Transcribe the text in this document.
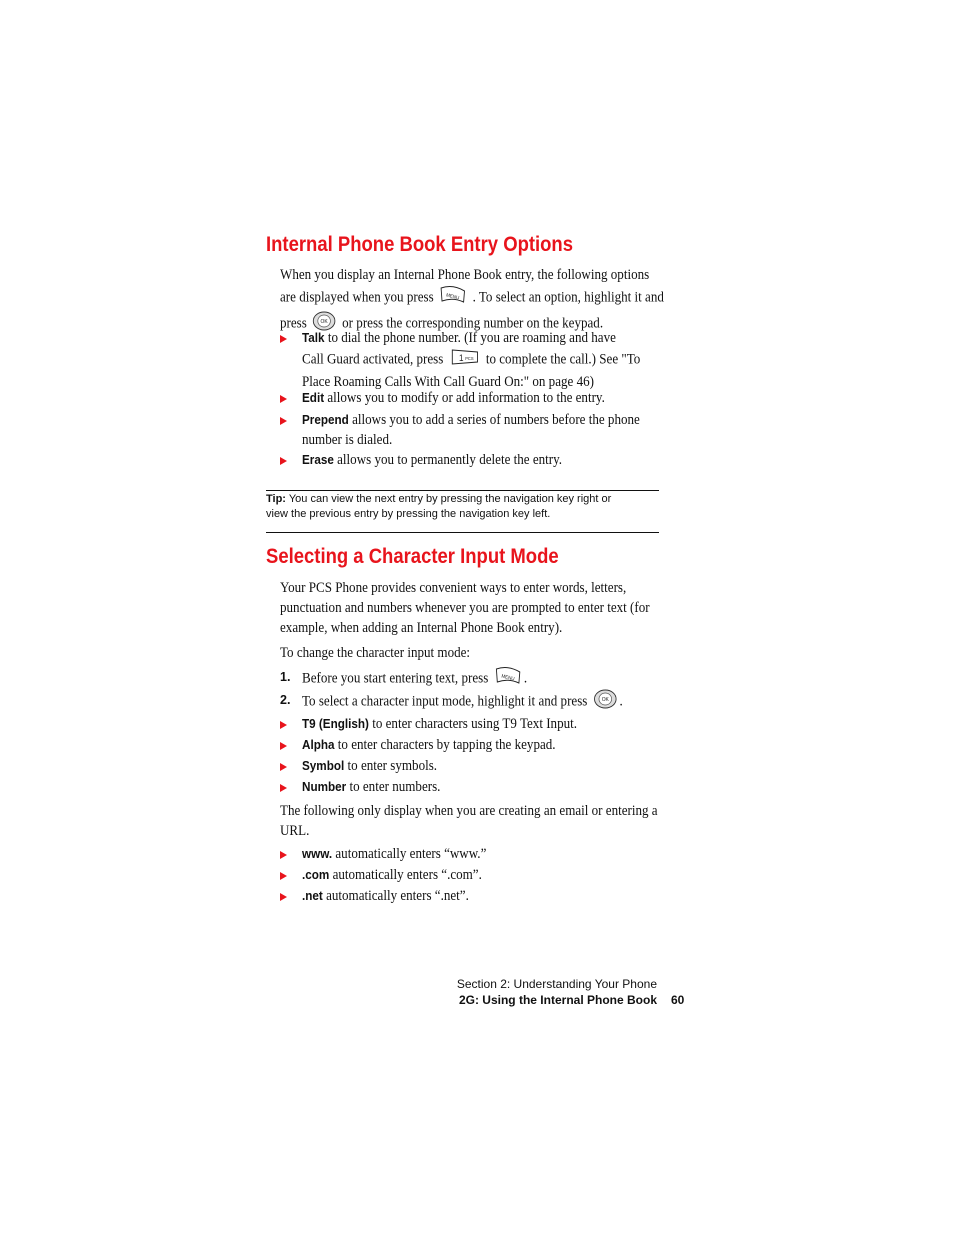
Internal Phone Book Entry Options
When you display an Internal Phone Book entry, the following options
are displayed when you press MENU . To select an option, highlight it and
press	OK or press the corresponding number on the keypad.
Talk to dial the phone number. (If you are roaming and have
Call Guard activated, press 1 PCS to complete the call.) See "To
Place Roaming Calls With Call Guard On:" on page 46)
Edit allows you to modify or add information to the entry.
Prepend allows you to add a series of numbers before the phone
number is dialed.
Erase allows you to permanently delete the entry.
Tip: You can view the next entry by pressing the navigation key right or
view the previous entry by pressing the navigation key left.
Selecting a Character Input Mode
Your PCS Phone provides convenient ways to enter words, letters,
punctuation and numbers whenever you are prompted to enter text (for
example, when adding an Internal Phone Book entry).
To change the character input mode:
1. Before you start entering text, press MENU .
2. To select a character input mode, highlight it and press	OK .
T9 (English) to enter characters using T9 Text Input.
Alpha to enter characters by tapping the keypad.
Symbol to enter symbols.
Number to enter numbers.
The following only display when you are creating an email or entering a
URL.
www. automatically enters “www.”
.com automatically enters “.com”.
.net automatically enters “.net”.
Section 2: Understanding Your Phone
2G: Using the Internal Phone Book 60
